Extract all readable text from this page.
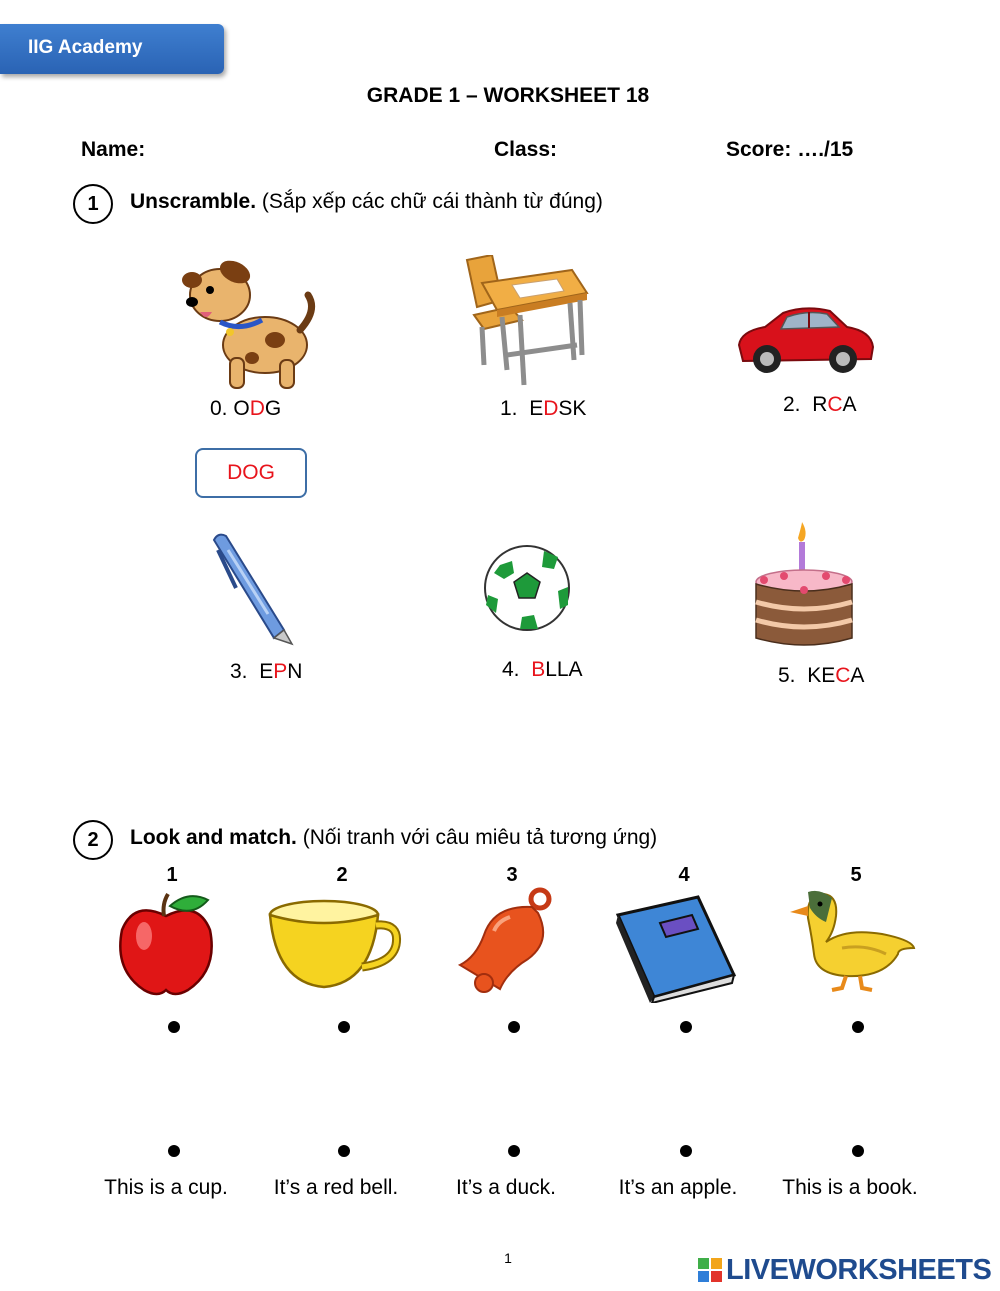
IIG Academy
GRADE 1 – WORKSHEET 18
Name:	Class:	Score: …./15
1	Unscramble. (Sắp xếp các chữ cái thành từ đúng)
0. ODG	1. EDSK	2. RCA
3. EPN	4. BLLA	5. KECA
DOG
2	Look and match. (Nối tranh với câu miêu tả tương ứng)
1	2	3	4	5
This is a cup.	It’s a red bell.	It’s a duck.	It’s an apple.	This is a book.
1	LIVEWORKSHEETS
